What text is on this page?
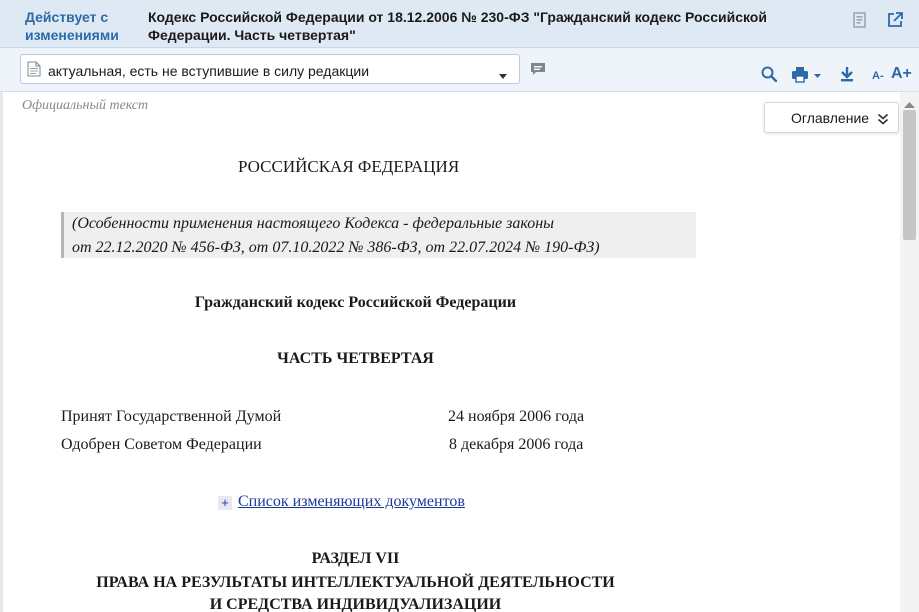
Действует с
изменениями
Кодекс Российской Федерации от 18.12.2006 № 230-ФЗ "Гражданский кодекс Российской
Федерации. Часть четвертая"
актуальная, есть не вступившие в силу редакции	A- A+
Официальный текст
Оглавление
РОССИЙСКАЯ ФЕДЕРАЦИЯ
(Особенности применения настоящего Кодекса - федеральные законы
от 22.12.2020 № 456-ФЗ, от 07.10.2022 № 386-ФЗ, от 22.07.2024 № 190-ФЗ)
Гражданский кодекс Российской Федерации
ЧАСТЬ ЧЕТВЕРТАЯ
Принят Государственной Думой	24 ноября 2006 года
Одобрен Советом Федерации	8 декабря 2006 года
+ Список изменяющих документов
РАЗДЕЛ VII
ПРАВА НА РЕЗУЛЬТАТЫ ИНТЕЛЛЕКТУАЛЬНОЙ ДЕЯТЕЛЬНОСТИ
И СРЕДСТВА ИНДИВИДУАЛИЗАЦИИ
